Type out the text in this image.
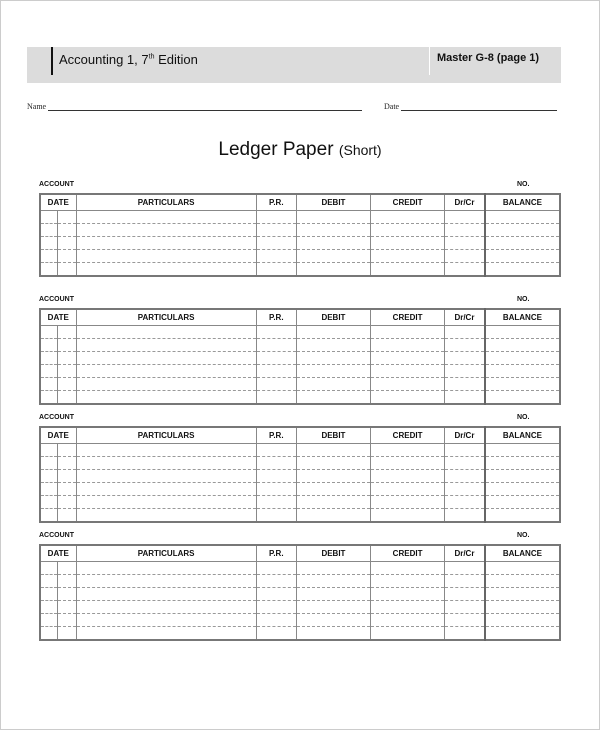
Accounting 1, 7th Edition	Master G-8 (page 1)
Name	Date
Ledger Paper (Short)
ACCOUNT	NO.
DATE		PARTICULARS	P.R.	DEBIT	CREDIT	Dr/Cr	BALANCE

ACCOUNT	NO.
DATE		PARTICULARS	P.R.	DEBIT	CREDIT	Dr/Cr	BALANCE

ACCOUNT	NO.
DATE		PARTICULARS	P.R.	DEBIT	CREDIT	Dr/Cr	BALANCE

ACCOUNT	NO.
DATE		PARTICULARS	P.R.	DEBIT	CREDIT	Dr/Cr	BALANCE
